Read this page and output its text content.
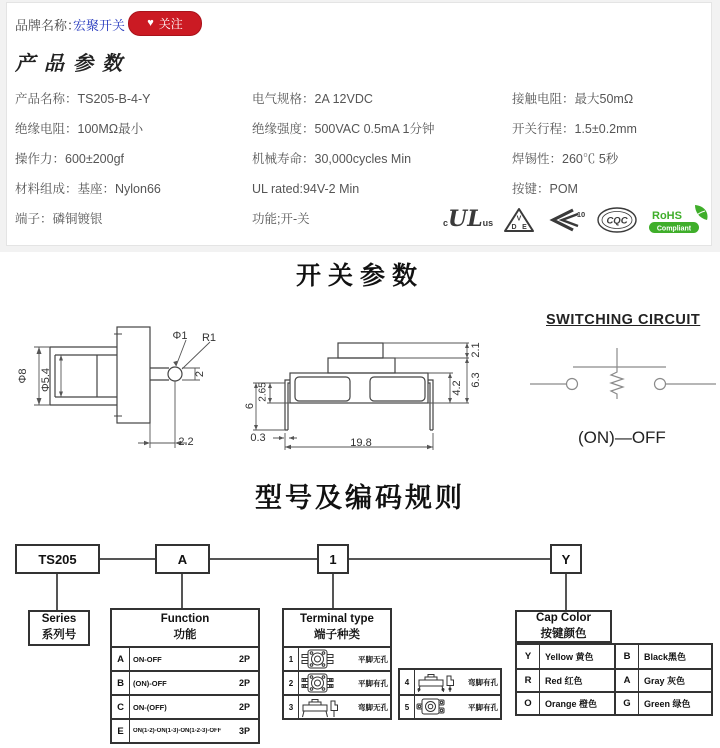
品牌名称：
宏聚开关 ♥ 关注
产品参数
产品名称：TS205-B-4-Y
绝缘电阻：100MΩ最小
操作力：600±200gf
材料组成：基座：Nylon66
端子：磷铜镀银
电气规格：2A 12VDC
绝缘强度：500VAC 0.5mA 1分钟
机械寿命：30,000cycles Min
UL rated:94V-2 Min
功能;开-关
接触电阻：最大50mΩ
开关行程：1.5±0.2mm
焊锡性：260℃ 5秒
按键：POM
c UL us	V
D E
10
CQC RoHS
Compliant
开关参数
Φ8 Φ5.4
Φ1 R1
2
2.2
2.1
6.3
4.2
6
2.65
0.3	19.8
SWITCHING CIRCUIT
(ON)—OFF
型号及编码规则
TS205	A	1	Y
Series
系列号
Function
功能
A	ON-OFF	2P
B	(ON)-OFF	2P
C	ON-(OFF)	2P
E	ON(1-2)-ON(1-3)-ON(1-2-3)-OFF	3P
Terminal type
端子种类
1	平脚无孔
2	平脚有孔
3	弯脚无孔
4	弯脚有孔
5	平脚有孔
Cap Color
按键颜色
Y	Yellow 黄色	B	Black黑色
R	Red 红色	A	Gray 灰色
O	Orange 橙色	G	Green 绿色
